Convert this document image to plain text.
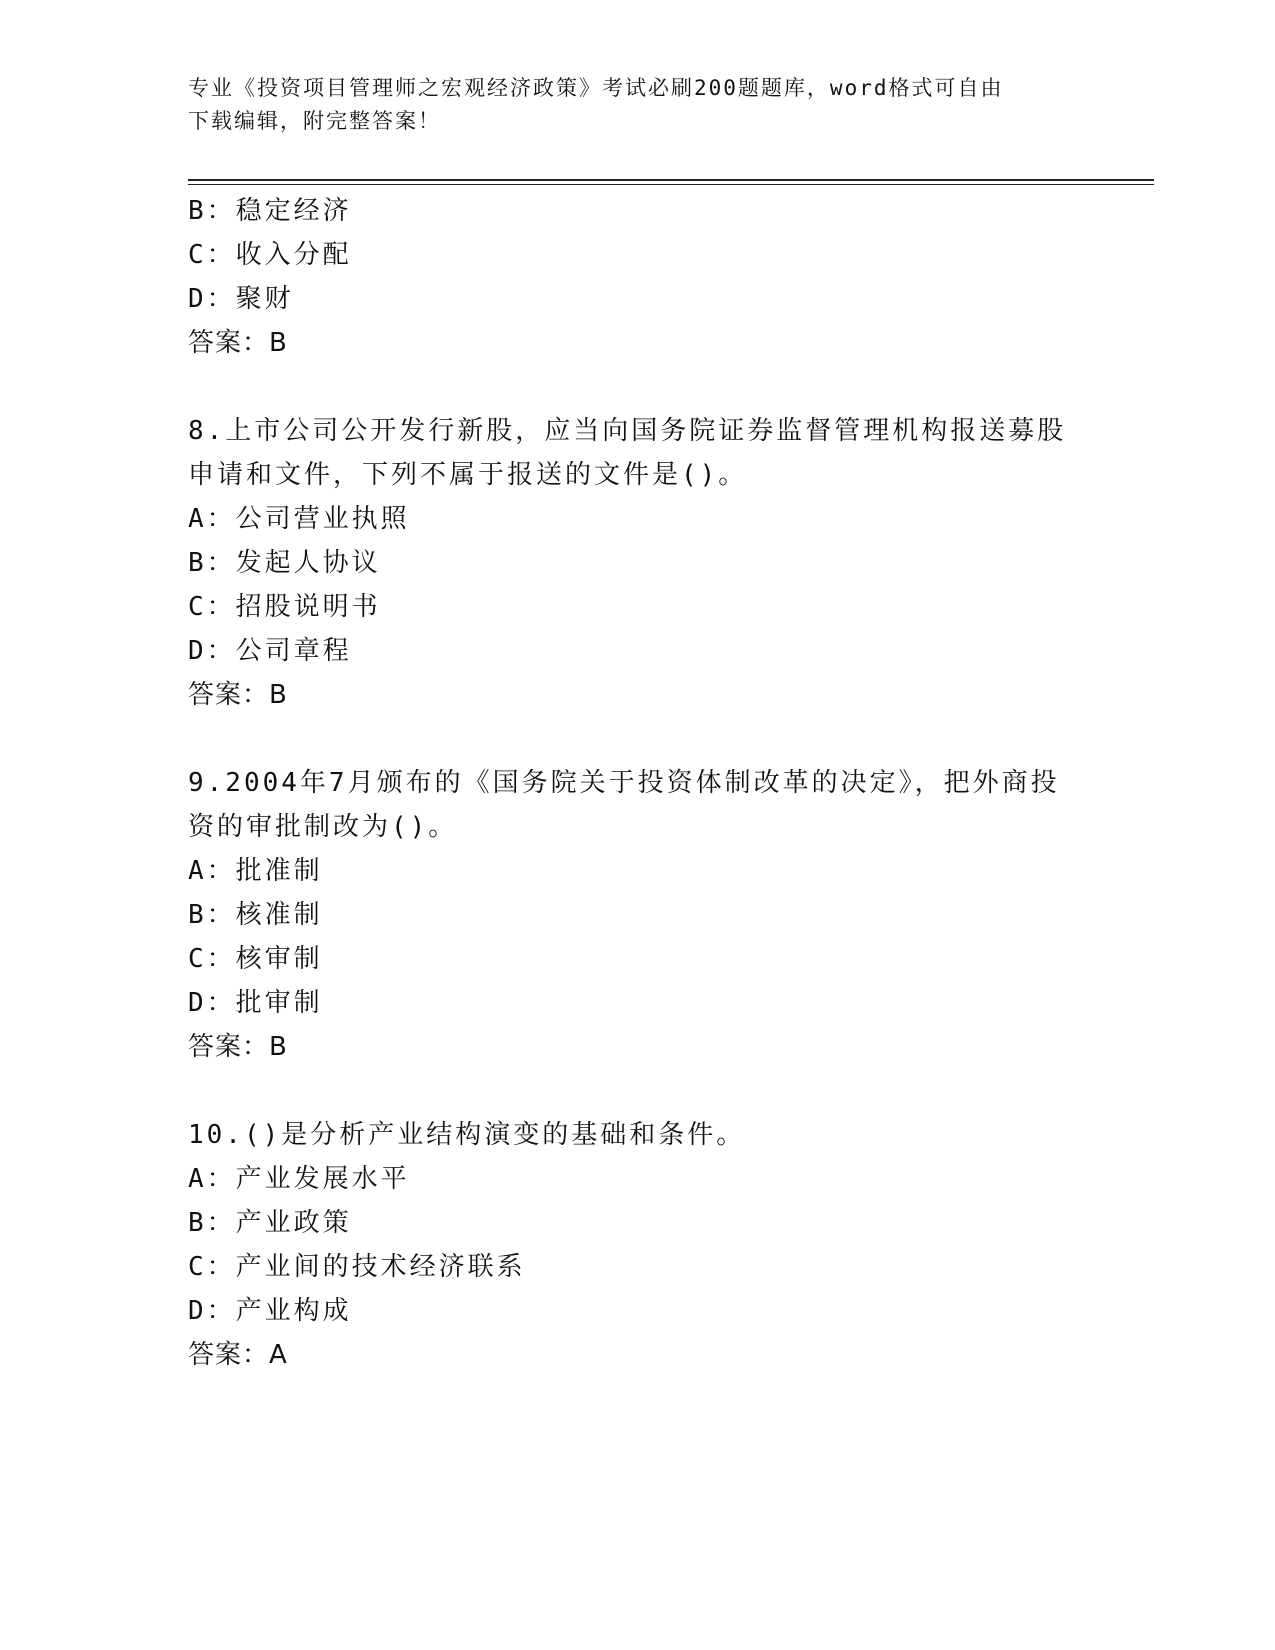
专业《投资项目管理师之宏观经济政策》考试必刷200题题库，word格式可自由
下载编辑，附完整答案！
B：稳定经济
C：收入分配
D：聚财
答案：B
8.上市公司公开发行新股，应当向国务院证券监督管理机构报送募股
申请和文件，下列不属于报送的文件是()。
A：公司营业执照
B：发起人协议
C：招股说明书
D：公司章程
答案：B
9.2004年7月颁布的《国务院关于投资体制改革的决定》，把外商投
资的审批制改为()。
A：批准制
B：核准制
C：核审制
D：批审制
答案：B
10.()是分析产业结构演变的基础和条件。
A：产业发展水平
B：产业政策
C：产业间的技术经济联系
D：产业构成
答案：A
